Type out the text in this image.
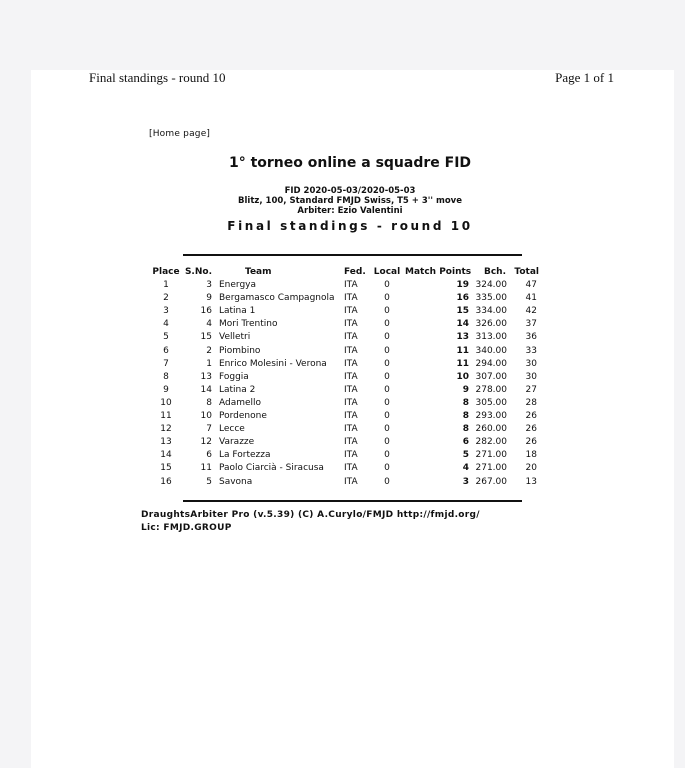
Final standings - round 10	Page 1 of 1
[Home page]
1° torneo online a squadre FID
FID 2020-05-03/2020-05-03
Blitz, 100, Standard FMJD Swiss, T5 + 3'' move
Arbiter: Ezio Valentini
Final standings - round 10
Place S.No.	Team	Fed. Local Match Points	Bch. Total
1	3 Energya	ITA	0	19 324.00	47
2	9 Bergamasco Campagnola ITA	0	16 335.00	41
3	16 Latina 1	ITA	0	15 334.00	42
4	4 Mori Trentino	ITA	0	14 326.00	37
5	15 Velletri	ITA	0	13 313.00	36
6	2 Piombino	ITA	0	11 340.00	33
7	1 Enrico Molesini - Verona ITA	0	11 294.00	30
8	13 Foggia	ITA	0	10 307.00	30
9	14 Latina 2	ITA	0	9 278.00	27
10	8 Adamello	ITA	0	8 305.00	28
11	10 Pordenone	ITA	0	8 293.00	26
12	7 Lecce	ITA	0	8 260.00	26
13	12 Varazze	ITA	0	6 282.00	26
14	6 La Fortezza	ITA	0	5 271.00	18
15	11 Paolo Ciarcià - Siracusa ITA	0	4 271.00	20
16	5 Savona	ITA	0	3 267.00	13
DraughtsArbiter Pro (v.5.39) (C) A.Curylo/FMJD http://fmjd.org/
Lic: FMJD.GROUP
